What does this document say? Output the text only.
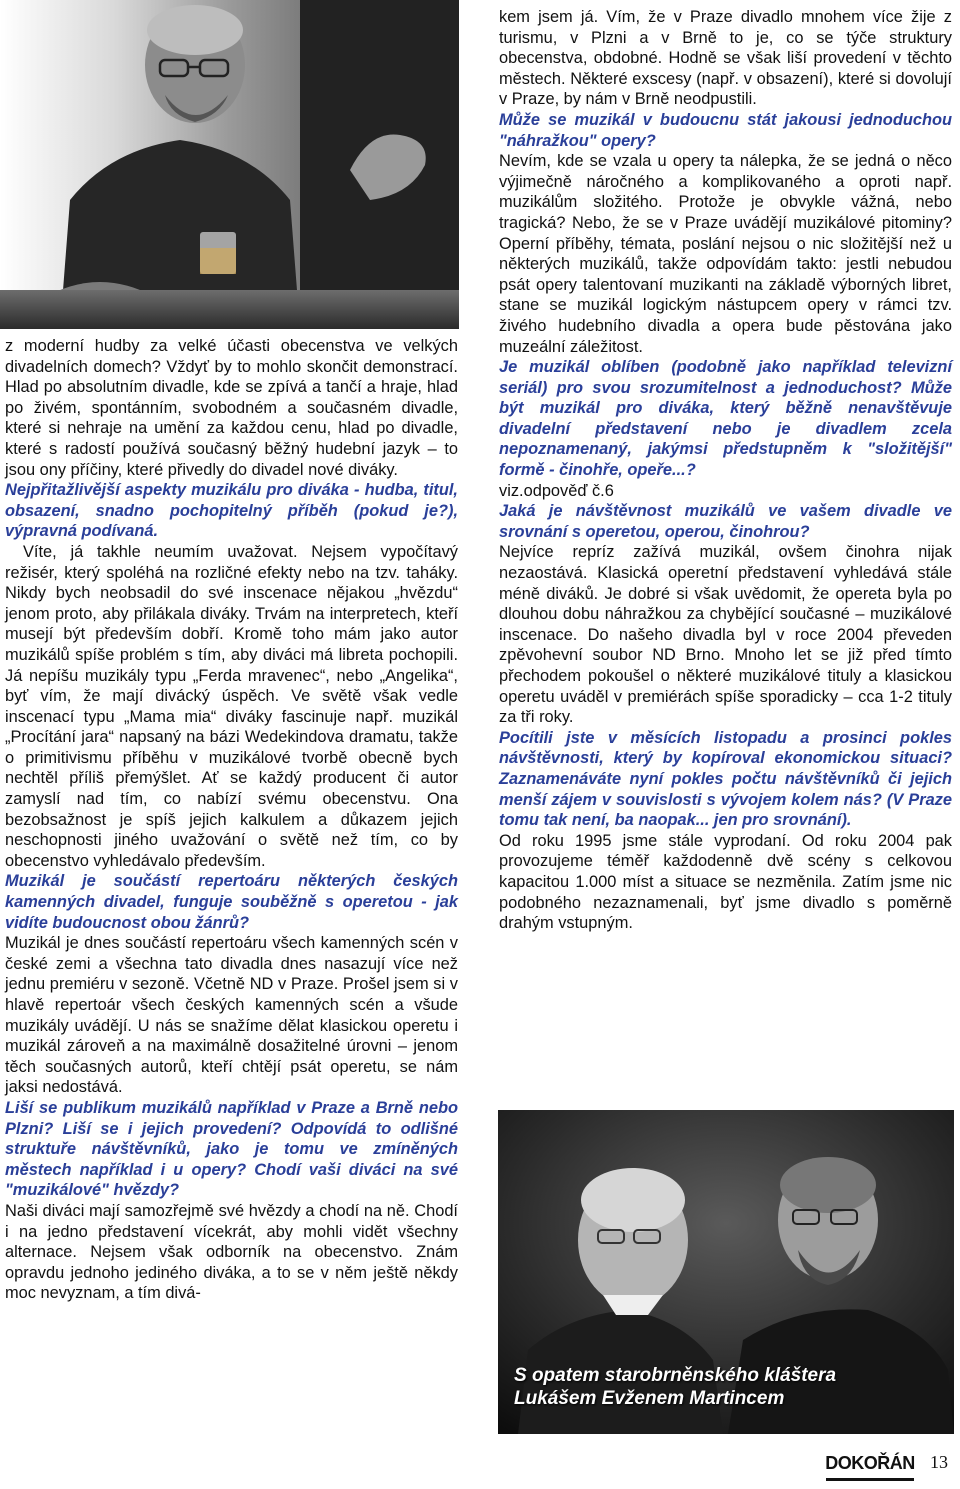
z moderní hudby za velké účasti obecenstva ve velkých divadelních domech? Vždyť by to mohlo skončit demonstrací. Hlad po absolutním divadle, kde se zpívá a tančí a hraje, hlad po živém, spontánním, svobodném a současném divadle, které si nehraje na umění za každou cenu, hlad po divadle, které s radostí používá současný běžný hudební jazyk – to jsou ony příčiny, které přivedly do divadel nové diváky.

Nejpřitažlivější aspekty muzikálu pro diváka - hudba, titul, obsazení, snadno pochopitelný příběh (pokud je?), výpravná podívaná.

Víte, já takhle neumím uvažovat. Nejsem vypočítavý režisér, který spoléhá na rozličné efekty nebo na tzv. taháky. Nikdy bych neobsadil do své inscenace nějakou „hvězdu“ jenom proto, aby přilákala diváky. Trvám na interpretech, kteří musejí být především dobří. Kromě toho mám jako autor muzikálů spíše problém s tím, aby diváci má libreta pochopili. Já nepíšu muzikály typu „Ferda mravenec“, nebo „Angelika“, byť vím, že mají divácký úspěch. Ve světě však vedle inscenací typu „Mama mia“ diváky fascinuje např. muzikál „Procítání jara“ napsaný na bázi Wedekindova dramatu, takže o primitivismu příběhu v muzikálové tvorbě obecně bych nechtěl příliš přemýšlet. Ať se každý producent či autor zamyslí nad tím, co nabízí svému obecenstvu. Ona bezobsažnost je spíš jejich kalkulem a důkazem jejich neschopnosti jiného uvažování o světě než tím, co by obecenstvo vyhledávalo především.

Muzikál je součástí repertoáru některých českých kamenných divadel, funguje souběžně s operetou - jak vidíte budoucnost obou žánrů?

Muzikál je dnes součástí repertoáru všech kamenných scén v české zemi a všechna tato divadla dnes nasazují více než jednu premiéru v sezoně. Včetně ND v Praze. Prošel jsem si v hlavě repertoár všech českých kamenných scén a všude muzikály uvádějí. U nás se snažíme dělat klasickou operetu i muzikál zároveň a na maximálně dosažitelné úrovni – jenom těch současných autorů, kteří chtějí psát operetu, se nám jaksi nedostává.

Liší se publikum muzikálů například v Praze a Brně nebo Plzni? Liší se i jejich provedení? Odpovídá to odlišné struktuře návštěvníků, jako je tomu ve zmíněných městech například i u opery? Chodí vaši diváci na své "muzikálové" hvězdy?

Naši diváci mají samozřejmě své hvězdy a chodí na ně. Chodí i na jedno představení vícekrát, aby mohli vidět všechny alternace. Nejsem však odborník na obecenstvo. Znám opravdu jednoho jediného diváka, a to se v něm ještě někdy moc nevyznam, a tím divá-

kem jsem já. Vím, že v Praze divadlo mnohem více žije z turismu, v Plzni a v Brně to je, co se týče struktury obecenstva, obdobné. Hodně se však liší provedení v těchto městech. Některé exscesy (např. v obsazení), které si dovolují v Praze, by nám v Brně neodpustili.

Může se muzikál v budoucnu stát jakousi jednoduchou "náhražkou" opery?

Nevím, kde se vzala u opery ta nálepka, že se jedná o něco výjimečně náročného a komplikovaného a oproti např. muzikálům složitého. Protože je obvykle vážná, nebo tragická? Nebo, že se v Praze uvádějí muzikálové pitominy? Operní příběhy, témata, poslání nejsou o nic složitější než u některých muzikálů, takže odpovídám takto: jestli nebudou psát opery talentovaní muzikanti na základě výborných libret, stane se muzikál logickým nástupcem opery v rámci tzv. živého hudebního divadla a opera bude pěstována jako muzeální záležitost.

Je muzikál oblíben (podobně jako například televizní seriál) pro svou srozumitelnost a jednoduchost? Může být muzikál pro diváka, který běžně nenavštěvuje divadelní představení nebo je divadlem zcela nepoznamenaný, jakýmsi předstupněm k "složitější" formě - činohře, opeře...?

viz.odpověď č.6

Jaká je návštěvnost muzikálů ve vašem divadle ve srovnání s operetou, operou, činohrou?

Nejvíce repríz zažívá muzikál, ovšem činohra nijak nezaostává. Klasická operetní představení vyhledává stále méně diváků. Je dobré si však uvědomit, že opereta byla po dlouhou dobu náhražkou za chybějící současné – muzikálové inscenace. Do našeho divadla byl v roce 2004 převeden zpěvohevní soubor ND Brno. Mnoho let se již před tímto přechodem pokoušel o některé muzikálové tituly a klasickou operetu uváděl v premiérách spíše sporadicky – cca 1-2 tituly za tři roky.

Pocítili jste v měsících listopadu a prosinci pokles návštěvnosti, který by kopíroval ekonomickou situaci? Zaznamenáváte nyní pokles počtu návštěvníků či jejich menší zájem v souvislosti s vývojem kolem nás? (V Praze tomu tak není, ba naopak... jen pro srovnání).

Od roku 1995 jsme stále vyprodaní. Od roku 2004 pak provozujeme téměř každodenně dvě scény s celkovou kapacitou 1.000 míst a situace se nezměnila. Zatím jsme nic podobného nezaznamenali, byť jsme divadlo s poměrně drahým vstupným.

S opatem starobrněnského kláštera
Lukášem Evženem Martincem
DOKOŘÁN 13
